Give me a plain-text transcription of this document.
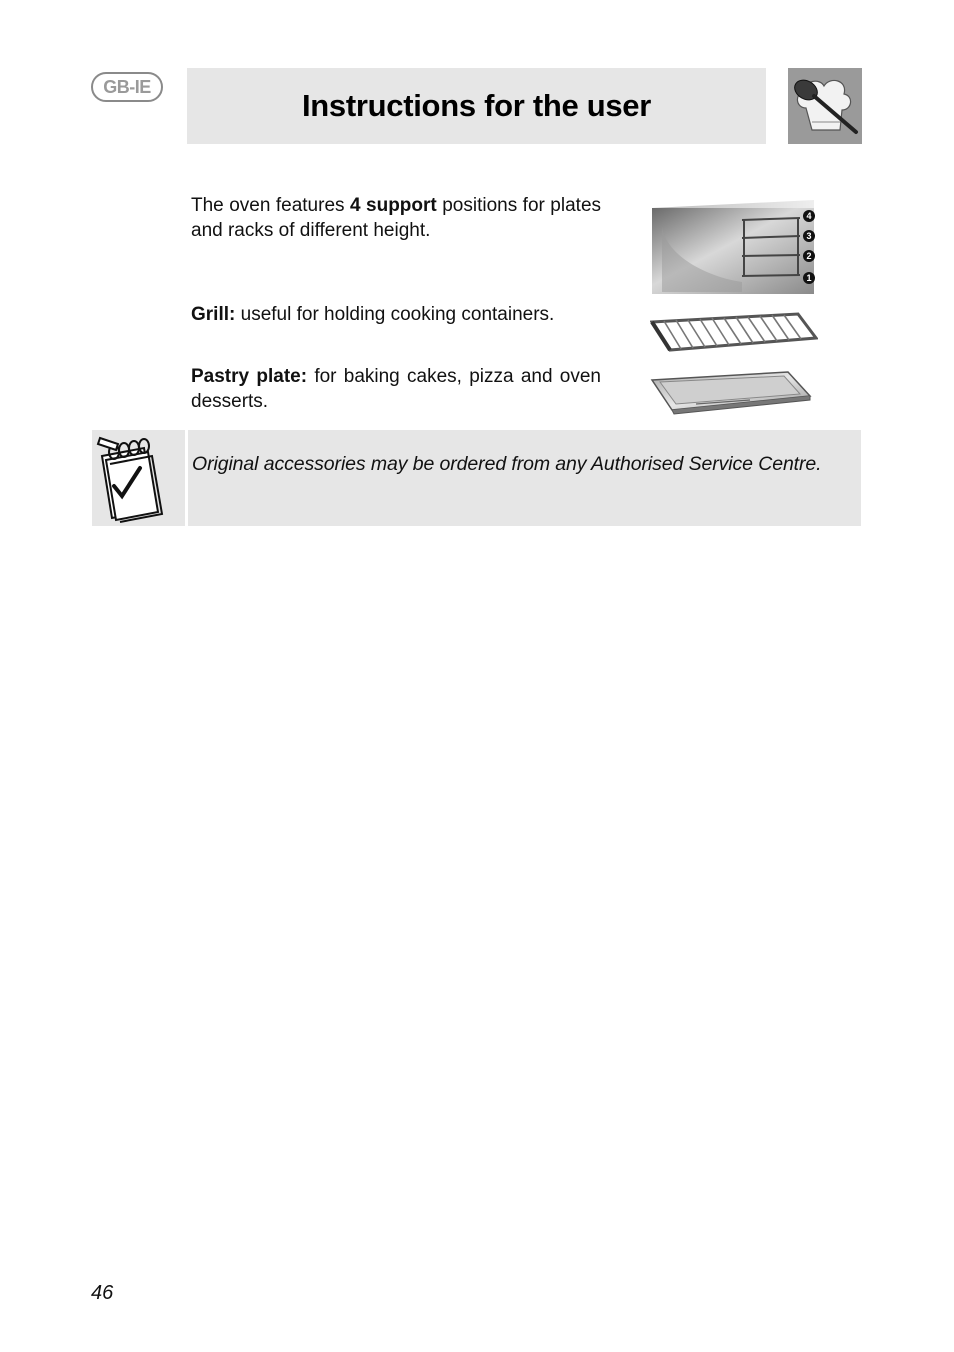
GB-IE
Instructions for the user

The oven features 4 support positions for plates and racks of different height.

4
3
2
1

Grill: useful for holding cooking containers.

Pastry plate: for baking cakes, pizza and oven desserts.

Original accessories may be ordered from any Authorised Service Centre.
46
